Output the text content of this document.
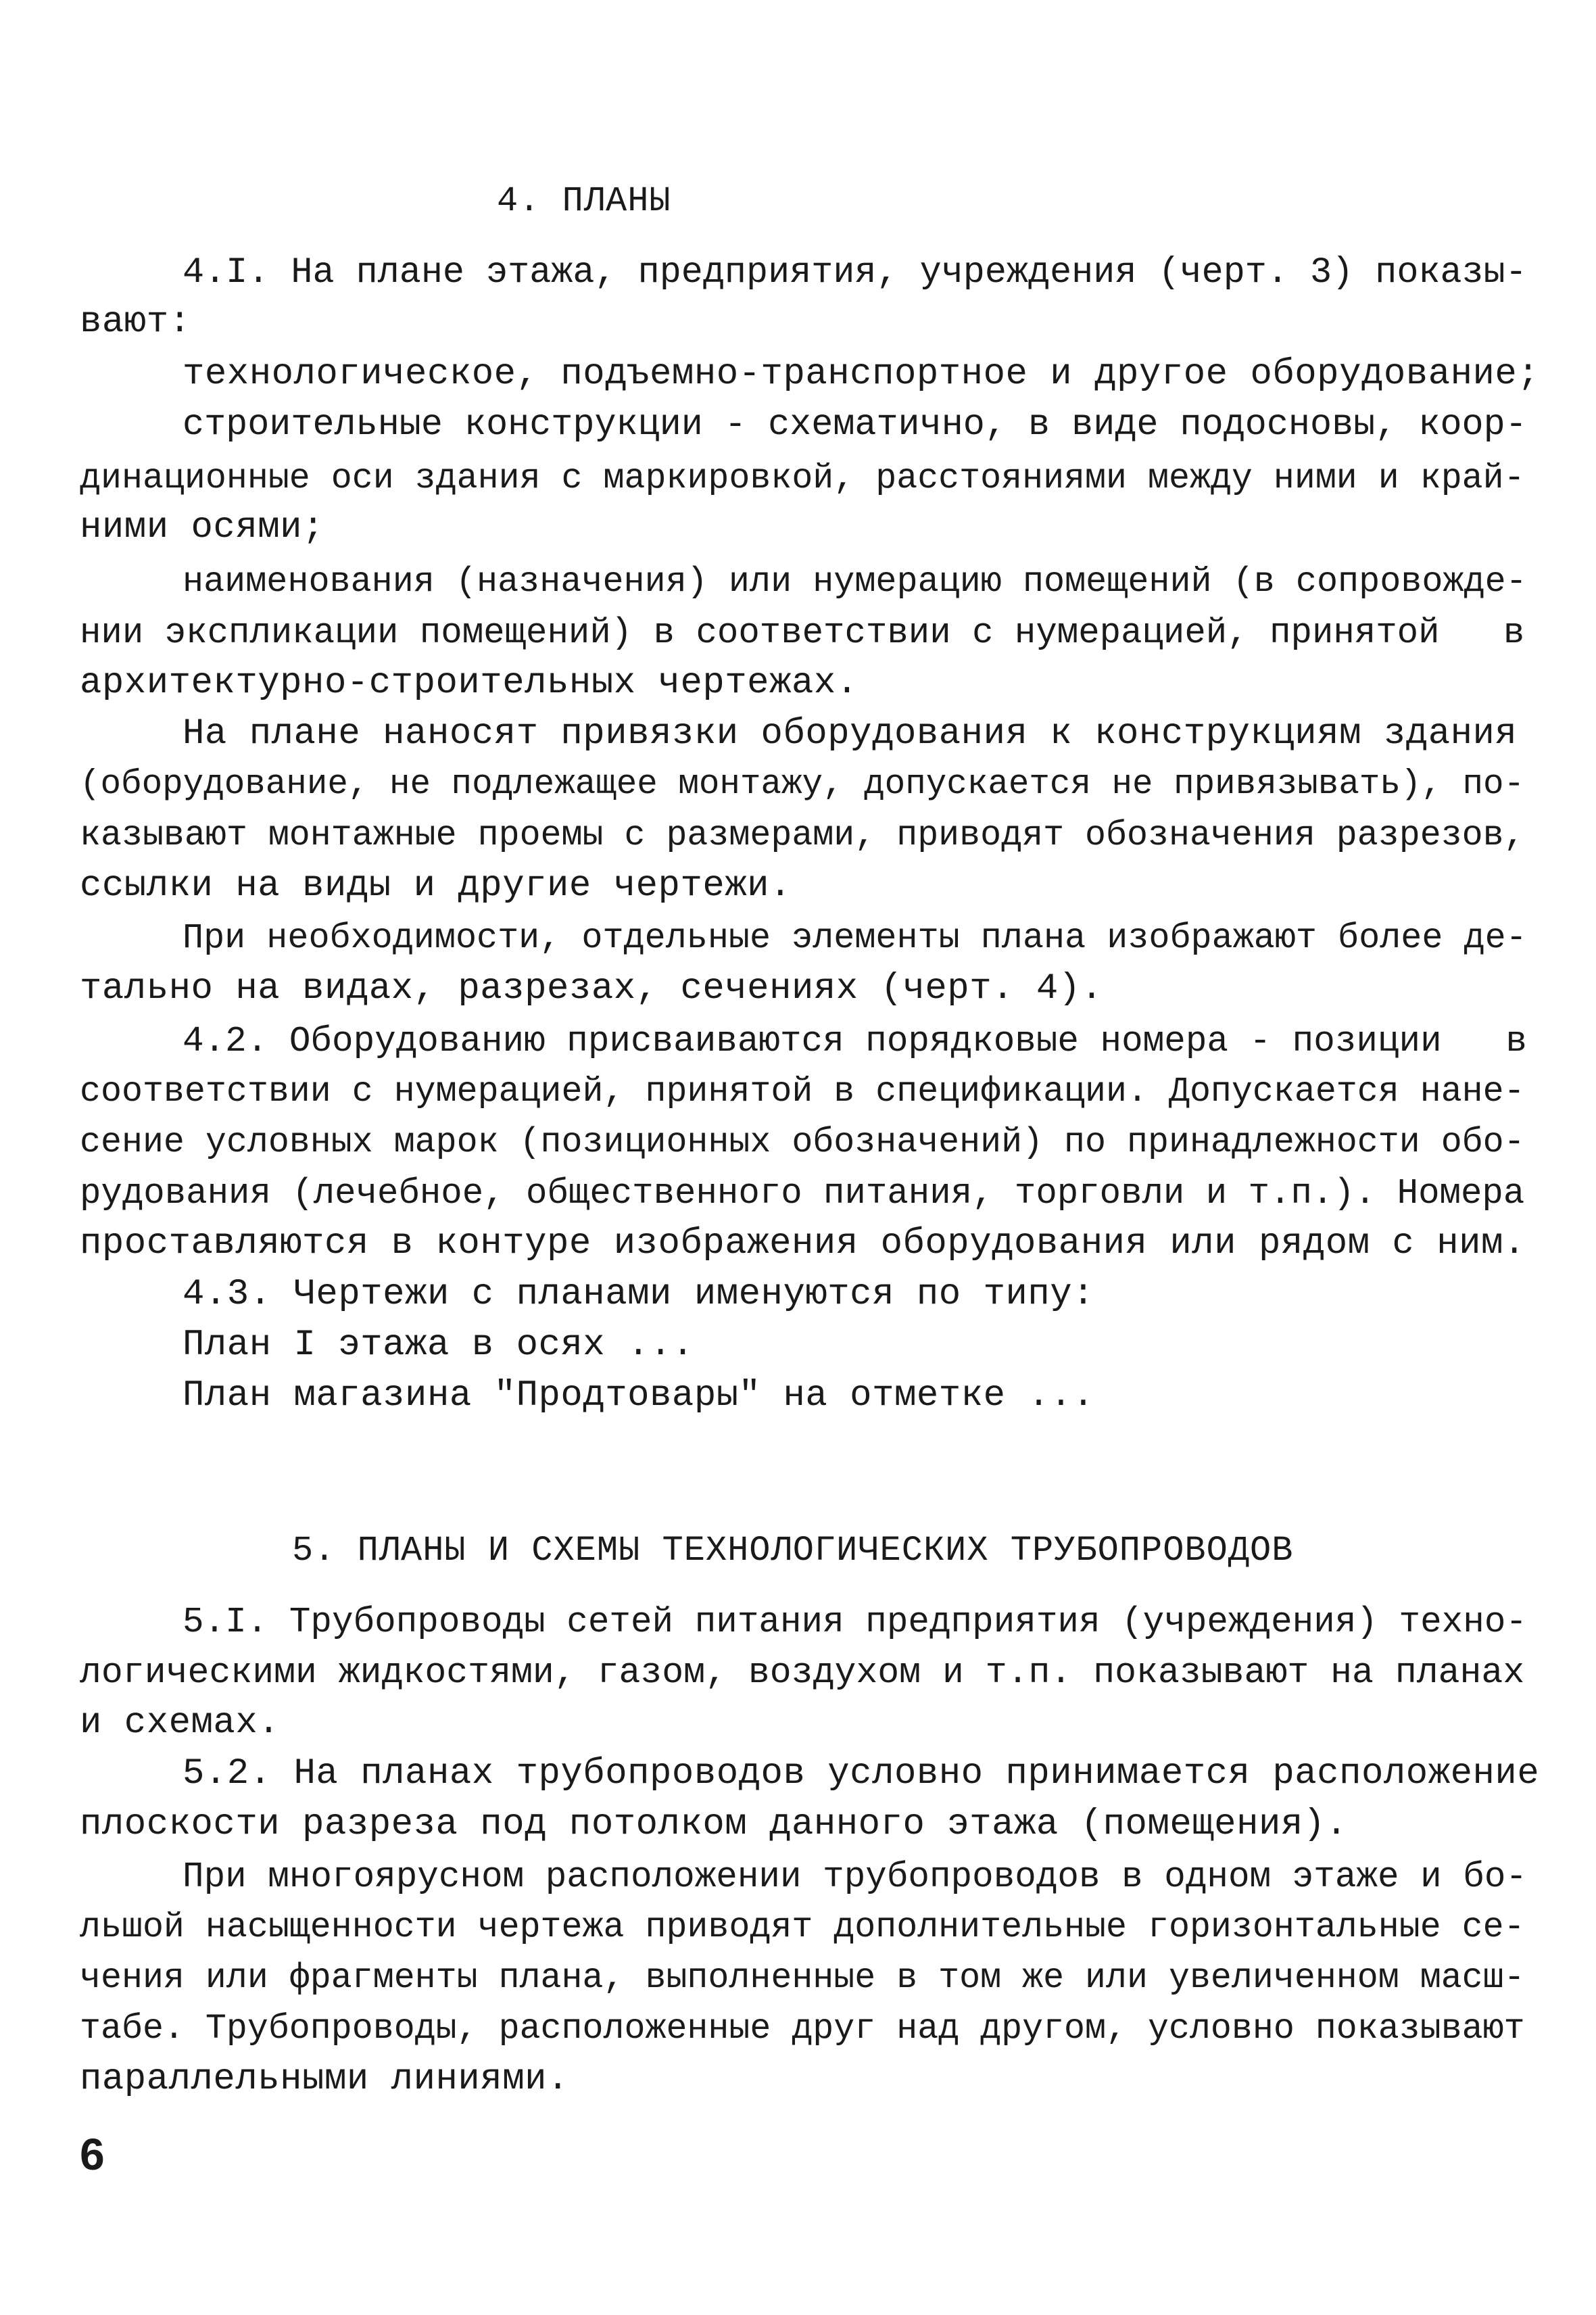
4. ПЛАНЫ
4.I. На плане этажа, предприятия, учреждения (черт. 3) показы-
вают:
технологическое, подъемно-транспортное и другое оборудование;
строительные конструкции - схематично, в виде подосновы, коор-
динационные оси здания с маркировкой, расстояниями между ними и край-
ними осями;
наименования (назначения) или нумерацию помещений (в сопровожде-
нии экспликации помещений) в соответствии с нумерацией, принятой   в
архитектурно-строительных чертежах.
На плане наносят привязки оборудования к конструкциям здания
(оборудование, не подлежащее монтажу, допускается не привязывать), по-
казывают монтажные проемы с размерами, приводят обозначения разрезов,
ссылки на виды и другие чертежи.
При необходимости, отдельные элементы плана изображают более де-
тально на видах, разрезах, сечениях (черт. 4).
4.2. Оборудованию присваиваются порядковые номера - позиции   в
соответствии с нумерацией, принятой в спецификации. Допускается нане-
сение условных марок (позиционных обозначений) по принадлежности обо-
рудования (лечебное, общественного питания, торговли и т.п.). Номера
проставляются в контуре изображения оборудования или рядом с ним.
4.3. Чертежи с планами именуются по типу:
План I этажа в осях ...
План магазина "Продтовары" на отметке ...
5. ПЛАНЫ И СХЕМЫ ТЕХНОЛОГИЧЕСКИХ ТРУБОПРОВОДОВ
5.I. Трубопроводы сетей питания предприятия (учреждения) техно-
логическими жидкостями, газом, воздухом и т.п. показывают на планах
и схемах.
5.2. На планах трубопроводов условно принимается расположение
плоскости разреза под потолком данного этажа (помещения).
При многоярусном расположении трубопроводов в одном этаже и бо-
льшой насыщенности чертежа приводят дополнительные горизонтальные се-
чения или фрагменты плана, выполненные в том же или увеличенном масш-
табе. Трубопроводы, расположенные друг над другом, условно показывают
параллельными линиями.
6
